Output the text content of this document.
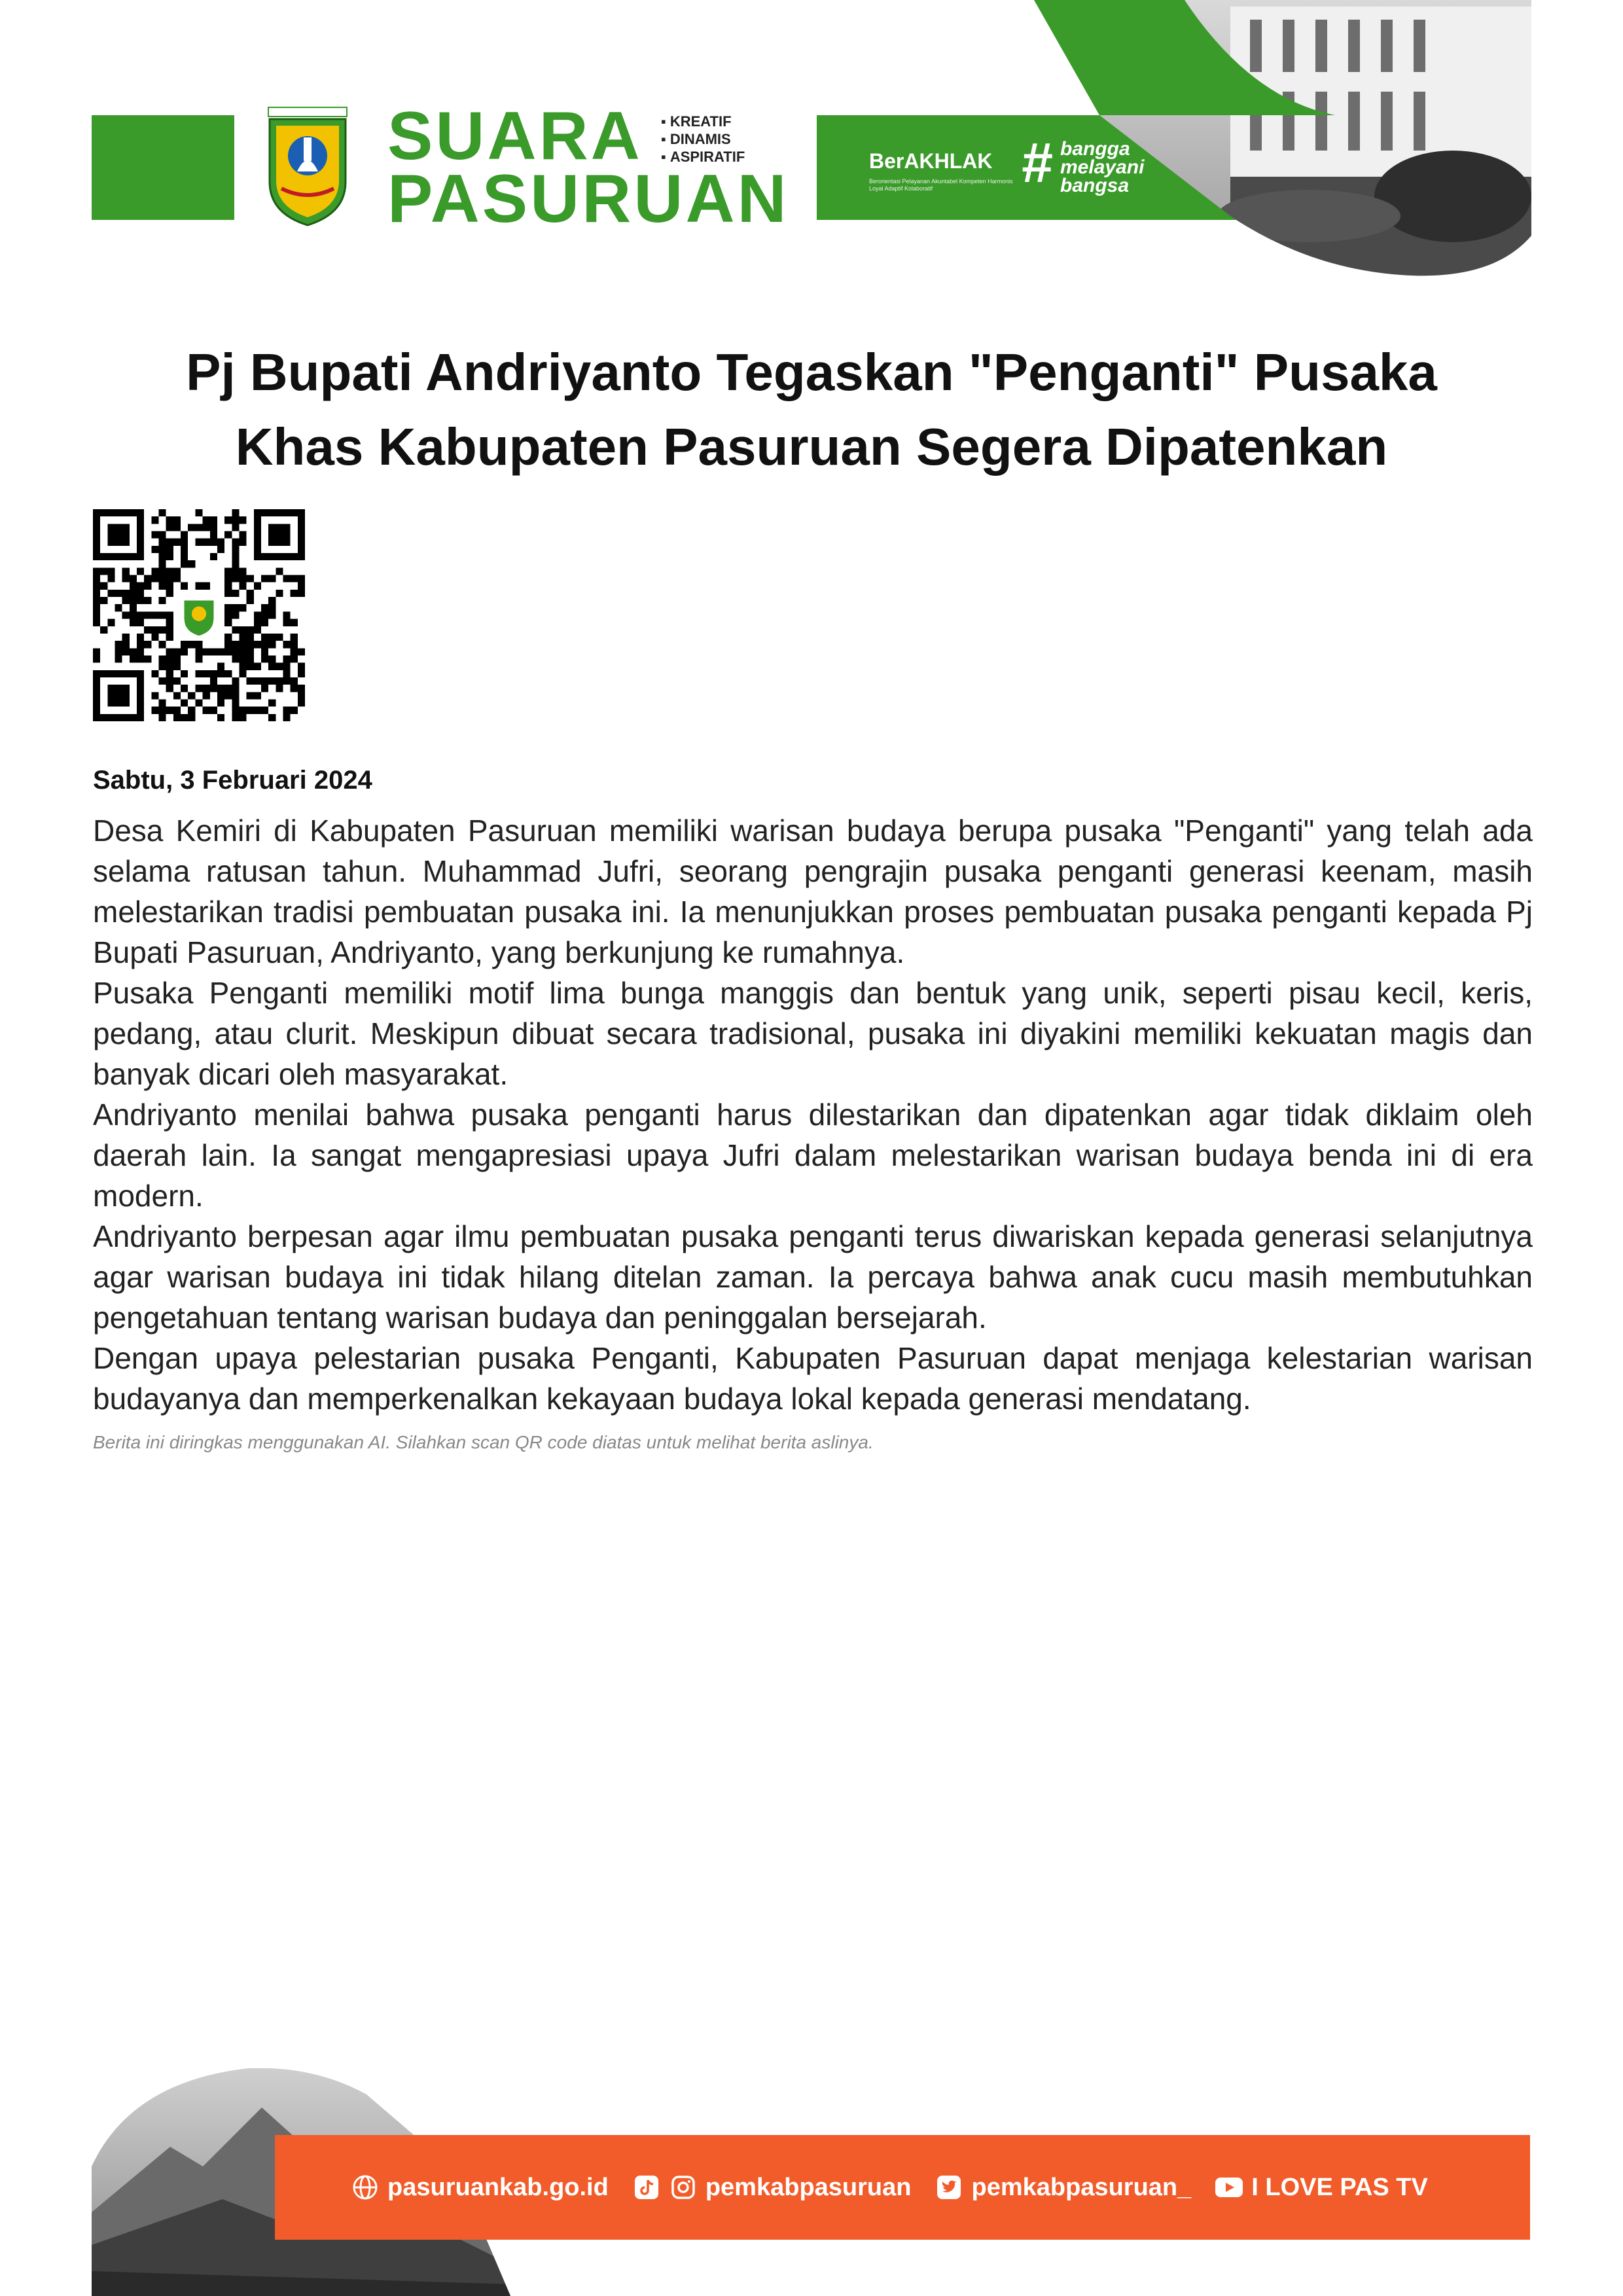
SUARA
PASURUAN
▪ KREATIF
▪ DINAMIS
▪ ASPIRATIF	BerAKHLAK
Berorientasi Pelayanan Akuntabel Kompeten Harmonis Loyal Adaptif Kolaboratif	# bangga
melayani
bangsa
Pj Bupati Andriyanto Tegaskan "Penganti" Pusaka
Khas Kabupaten Pasuruan Segera Dipatenkan
Sabtu, 3 Februari 2024

Desa Kemiri di Kabupaten Pasuruan memiliki warisan budaya berupa pusaka "Penganti" yang telah ada selama ratusan tahun. Muhammad Jufri, seorang pengrajin pusaka penganti generasi keenam, masih melestarikan tradisi pembuatan pusaka ini. Ia menunjukkan proses pembuatan pusaka penganti kepada Pj Bupati Pasuruan, Andriyanto, yang berkunjung ke rumahnya.

Pusaka Penganti memiliki motif lima bunga manggis dan bentuk yang unik, seperti pisau kecil, keris, pedang, atau clurit. Meskipun dibuat secara tradisional, pusaka ini diyakini memiliki kekuatan magis dan banyak dicari oleh masyarakat.

Andriyanto menilai bahwa pusaka penganti harus dilestarikan dan dipatenkan agar tidak diklaim oleh daerah lain. Ia sangat mengapresiasi upaya Jufri dalam melestarikan warisan budaya benda ini di era modern.

Andriyanto berpesan agar ilmu pembuatan pusaka penganti terus diwariskan kepada generasi selanjutnya agar warisan budaya ini tidak hilang ditelan zaman. Ia percaya bahwa anak cucu masih membutuhkan pengetahuan tentang warisan budaya dan peninggalan bersejarah.

Dengan upaya pelestarian pusaka Penganti, Kabupaten Pasuruan dapat menjaga kelestarian warisan budayanya dan memperkenalkan kekayaan budaya lokal kepada generasi mendatang.

Berita ini diringkas menggunakan AI. Silahkan scan QR code diatas untuk melihat berita aslinya.
pasuruankab.go.id	pemkabpasuruan pemkabpasuruan_ I LOVE PAS TV
